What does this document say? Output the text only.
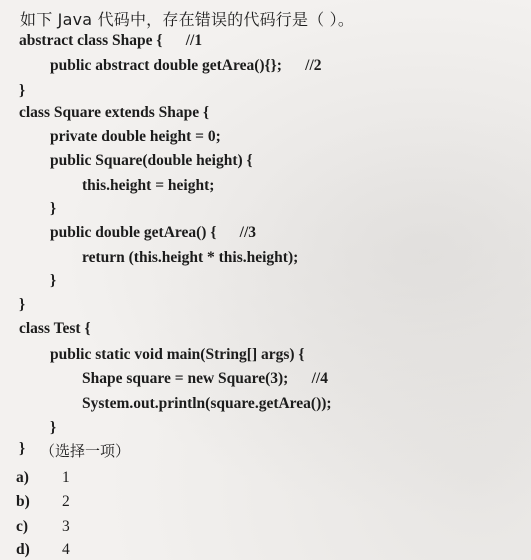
如下 Java 代码中，存在错误的代码行是（ ）。
abstract class Shape {      //1
public abstract double getArea(){};      //2
}
class Square extends Shape {
private double height = 0;
public Square(double height) {
this.height = height;
}
public double getArea() {      //3
return (this.height * this.height);
}
}
class Test {
public static void main(String[] args) {
Shape square = new Square(3);      //4
System.out.println(square.getArea());
}
} （选择一项）
a) 1
b) 2
c) 3
d) 4
